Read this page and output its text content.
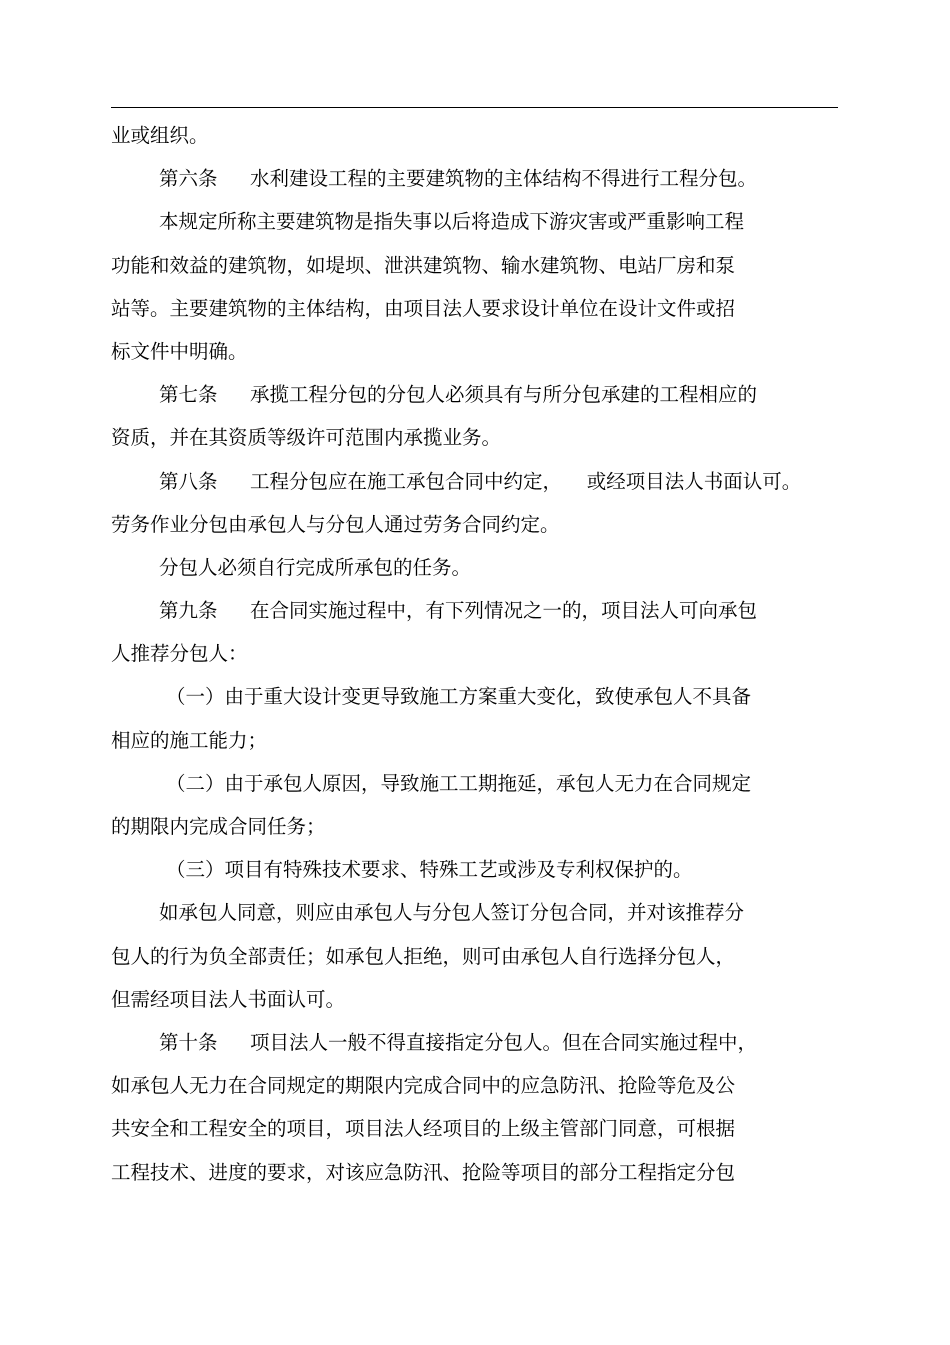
业或组织。
第六条 水利建设工程的主要建筑物的主体结构不得进行工程分包。
本规定所称主要建筑物是指失事以后将造成下游灾害或严重影响工程
功能和效益的建筑物，如堤坝、泄洪建筑物、输水建筑物、电站厂房和泵
站等。主要建筑物的主体结构，由项目法人要求设计单位在设计文件或招
标文件中明确。
第七条 承揽工程分包的分包人必须具有与所分包承建的工程相应的
资质，并在其资质等级许可范围内承揽业务。
第八条 工程分包应在施工承包合同中约定，    或经项目法人书面认可。
劳务作业分包由承包人与分包人通过劳务合同约定。
分包人必须自行完成所承包的任务。
第九条 在合同实施过程中，有下列情况之一的，项目法人可向承包
人推荐分包人：
（一）由于重大设计变更导致施工方案重大变化，致使承包人不具备
相应的施工能力；
（二）由于承包人原因，导致施工工期拖延，承包人无力在合同规定
的期限内完成合同任务；
（三）项目有特殊技术要求、特殊工艺或涉及专利权保护的。
如承包人同意，则应由承包人与分包人签订分包合同，并对该推荐分
包人的行为负全部责任；如承包人拒绝，则可由承包人自行选择分包人，
但需经项目法人书面认可。
第十条 项目法人一般不得直接指定分包人。但在合同实施过程中，
如承包人无力在合同规定的期限内完成合同中的应急防汛、抢险等危及公
共安全和工程安全的项目，项目法人经项目的上级主管部门同意，可根据
工程技术、进度的要求，对该应急防汛、抢险等项目的部分工程指定分包
